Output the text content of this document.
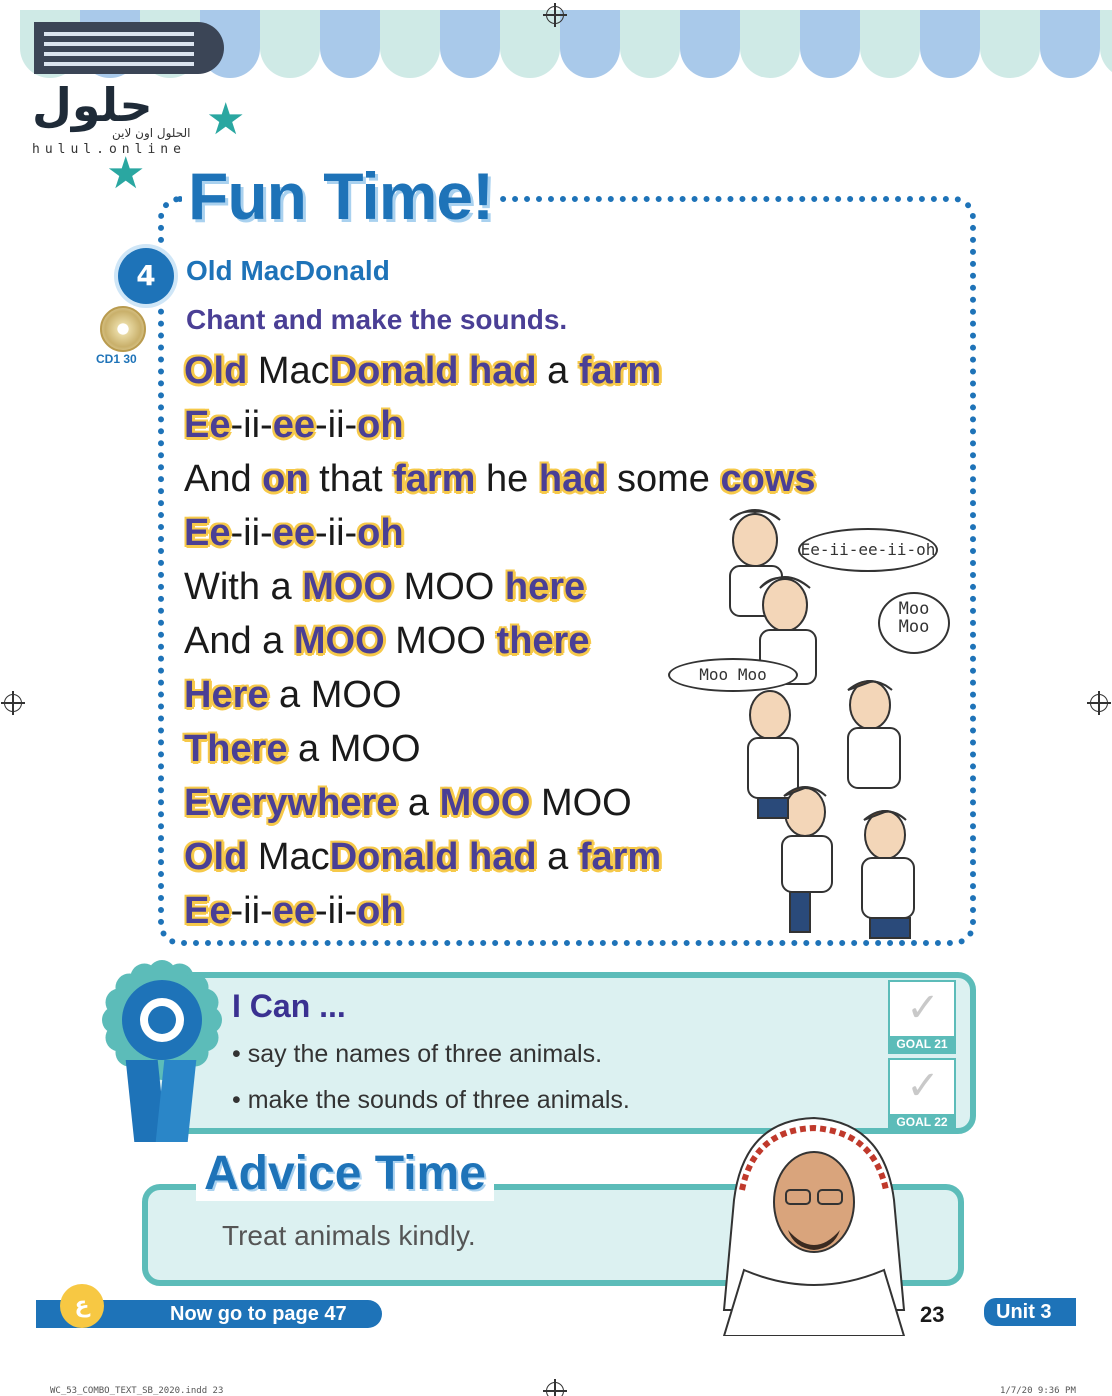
حلول
الحلول اون لاين
hulul.online
★
★ Fun Time!
4	Old MacDonald
Chant and make the sounds.
CD1 30 Old MacDonald had a farm
Ee-ii-ee-ii-oh
And on that farm he had some cows
Ee-ii-ee-ii-oh
With a MOO MOO here
And a MOO MOO there
Here a MOO
There a MOO
Everywhere a MOO MOO
Old MacDonald had a farm
Ee-ii-ee-ii-oh
Ee-ii-ee-ii-oh
Moo Moo
Moo Moo
I Can ...
• say the names of three animals.
• make the sounds of three animals.
✓
GOAL 21
✓
GOAL 22
Advice Time
Treat animals kindly.
ع	Now go to page 47	23	Unit 3
WC_53_COMBO_TEXT_SB_2020.indd 23	1/7/20 9:36 PM
